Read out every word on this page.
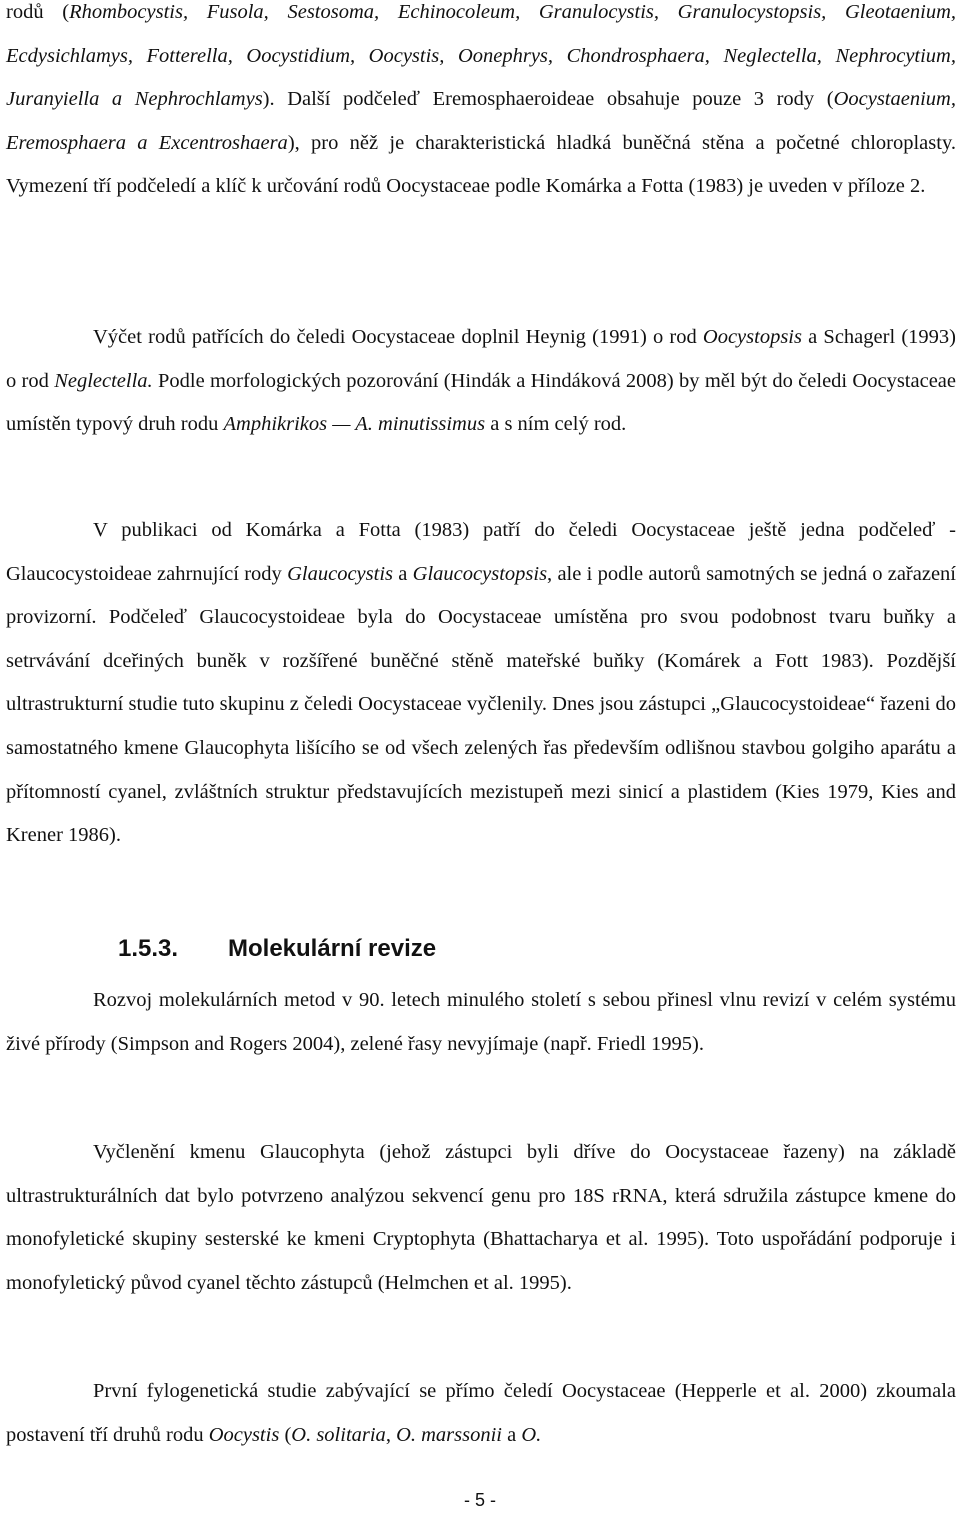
rodů (Rhombocystis, Fusola, Sestosoma, Echinocoleum, Granulocystis, Granulocystopsis, Gleotaenium, Ecdysichlamys, Fotterella, Oocystidium, Oocystis, Oonephrys, Chondrosphaera, Neglectella, Nephrocytium, Juranyiella a Nephrochlamys). Další podčeleď Eremosphaeroideae obsahuje pouze 3 rody (Oocystaenium, Eremosphaera a Excentroshaera), pro něž je charakteristická hladká buněčná stěna a početné chloroplasty. Vymezení tří podčeledí a klíč k určování rodů Oocystaceae podle Komárka a Fotta (1983) je uveden v příloze 2.

Výčet rodů patřících do čeledi Oocystaceae doplnil Heynig (1991) o rod Oocystopsis a Schagerl (1993) o rod Neglectella. Podle morfologických pozorování (Hindák a Hindáková 2008) by měl být do čeledi Oocystaceae umístěn typový druh rodu Amphikrikos — A. minutissimus a s ním celý rod.

V publikaci od Komárka a Fotta (1983) patří do čeledi Oocystaceae ještě jedna podčeleď - Glaucocystoideae zahrnující rody Glaucocystis a Glaucocystopsis, ale i podle autorů samotných se jedná o zařazení provizorní. Podčeleď Glaucocystoideae byla do Oocystaceae umístěna pro svou podobnost tvaru buňky a setrvávání dceřiných buněk v rozšířené buněčné stěně mateřské buňky (Komárek a Fott 1983). Pozdější ultrastrukturní studie tuto skupinu z čeledi Oocystaceae vyčlenily. Dnes jsou zástupci „Glaucocystoideae“ řazeni do samostatného kmene Glaucophyta lišícího se od všech zelených řas především odlišnou stavbou golgiho aparátu a přítomností cyanel, zvláštních struktur představujících mezistupeň mezi sinicí a plastidem (Kies 1979, Kies and Krener 1986).

1.5.3. Molekulární revize

Rozvoj molekulárních metod v 90. letech minulého století s sebou přinesl vlnu revizí v celém systému živé přírody (Simpson and Rogers 2004), zelené řasy nevyjímaje (např. Friedl 1995).

Vyčlenění kmenu Glaucophyta (jehož zástupci byli dříve do Oocystaceae řazeny) na základě ultrastrukturálních dat bylo potvrzeno analýzou sekvencí genu pro 18S rRNA, která sdružila zástupce kmene do monofyletické skupiny sesterské ke kmeni Cryptophyta (Bhattacharya et al. 1995). Toto uspořádání podporuje i monofyletický původ cyanel těchto zástupců (Helmchen et al. 1995).

První fylogenetická studie zabývající se přímo čeledí Oocystaceae (Hepperle et al. 2000) zkoumala postavení tří druhů rodu Oocystis (O. solitaria, O. marssonii a O.

- 5 -
